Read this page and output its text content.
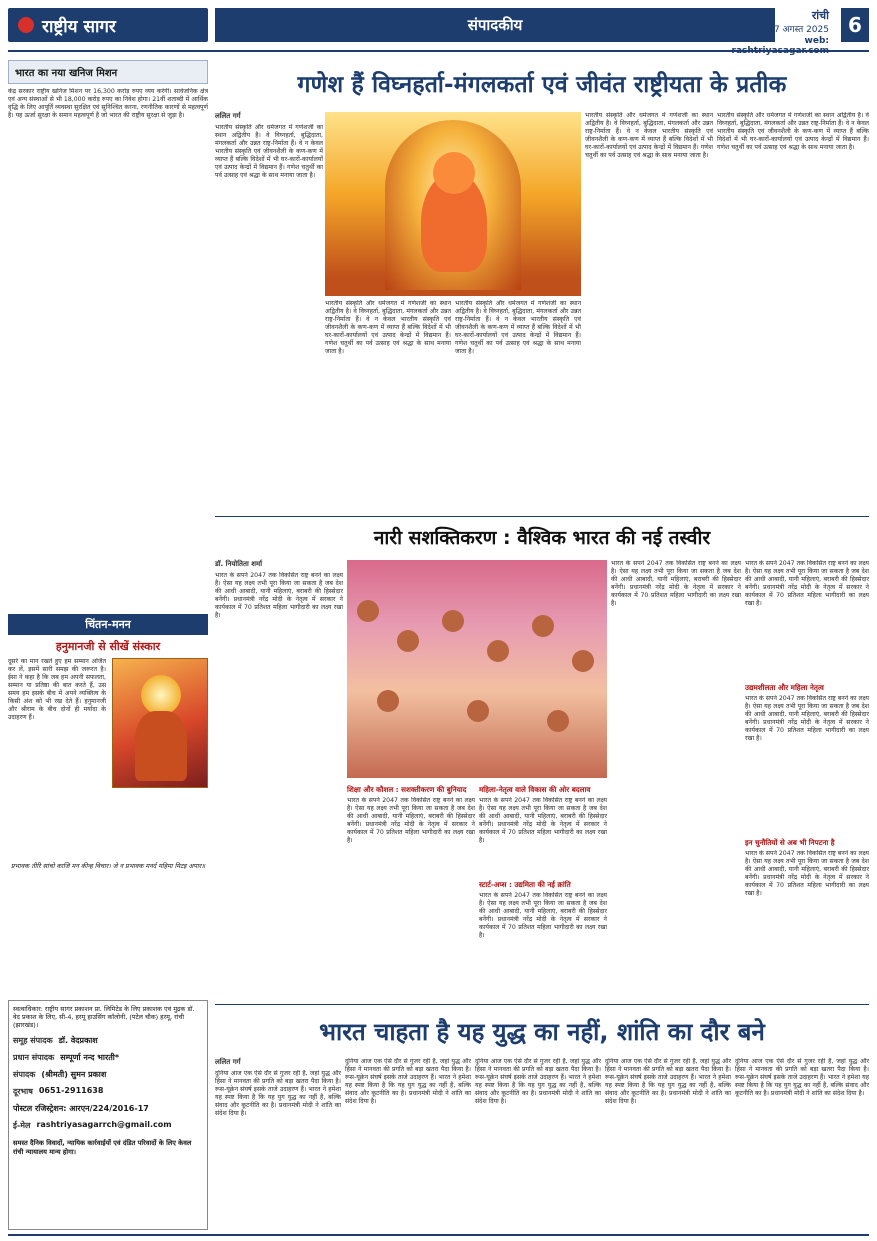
राष्ट्रीय सागर	संपादकीय
रांची
बुधवार, 27 अगस्त 2025
web:
6
भारत का नया खनिज मिशन
केंद्र सरकार राष्ट्रीय खनिज मिशन पर 16,300 करोड़ रुपए व्यय करेगी। सार्वजनिक क्षेत्र एवं अन्य संस्थाओं से भी 18,000 करोड़ रुपए का निवेश होगा। 21वीं शताब्दी में आर्थिक वृद्धि के लिए आपूर्ति व्यवस्था सुरक्षित एवं सुनिश्चित करना, रणनीतिक कारणों से महत्वपूर्ण है। यह ऊर्जा सुरक्षा के समान महत्वपूर्ण है जो भारत की राष्ट्रीय सुरक्षा से जुड़ा है।
चिंतन-मनन
हनुमानजी से सीखें संस्कार
दूसरे का मान रखते हुए हम सम्मान अर्जित कर लें, इसमें सारी समझ की जरूरत है। ईसा ने कहा है कि जब हम अपनी सफलता, सम्मान या प्रतिष्ठा की बात करते हैं, उस समय हम इसके बीच में अपने व्यक्तित्व के किसी अंश को भी रख देते हैं। हनुमानजी और श्रीराम के बीच दोनों ही मर्यादा के उदाहरण हैं।
प्रभावक तीरि सांचो काजि मन कीन्ह विचार। जे न प्रभावक मनर्द महिमा मिटइ अपार॥
स्वत्वाधिकार: राष्ट्रीय सागर प्रकाशन प्रा. लिमिटेड के लिए प्रकाशक एवं मुद्रक डॉ. वेद प्रकाश के लिए, सी-4, हरमू हाउसिंग कॉलोनी, (पटेल चौक) हरमू, रांची (झारखंड)।
समूह संपादक डॉ. वेदप्रकाश
प्रधान संपादक सम्पूर्णा नन्द भारती*
संपादक (श्रीमती) सुमन प्रकाश
दूरभाष 0651-2911638
पोस्टल रजिस्ट्रेशन: आरएन/224/2016-17
ई-मेल rashtriyasagarrch@gmail.com
समस्त दैनिक विवादों, न्यायिक कार्रवाईयों एवं दंडित परिवादों के लिए केवल रांची न्यायालय मान्य होगा।
गणेश हैं विघ्नहर्ता-मंगलकर्ता एवं जीवंत राष्ट्रीयता के प्रतीक
ललित गर्ग
भारतीय संस्कृति और धर्मजगत में गणेशजी का स्थान अद्वितीय है। वे विघ्नहर्ता, बुद्धिदाता, मंगलकर्ता और उन्नत राष्ट्र-निर्माता हैं। वे न केवल भारतीय संस्कृति एवं जीवनशैली के कण-कण में व्याप्त हैं बल्कि विदेशों में भी घर-कारों-कार्यालयों एवं उत्पाद केन्द्रों में विद्यमान हैं। गणेश चतुर्थी का पर्व उत्साह एवं श्रद्धा के साथ मनाया जाता है।
भारतीय संस्कृति और धर्मजगत में गणेशजी का स्थान अद्वितीय है। वे विघ्नहर्ता, बुद्धिदाता, मंगलकर्ता और उन्नत राष्ट्र-निर्माता हैं। वे न केवल भारतीय संस्कृति एवं जीवनशैली के कण-कण में व्याप्त हैं बल्कि विदेशों में भी घर-कारों-कार्यालयों एवं उत्पाद केन्द्रों में विद्यमान हैं। गणेश चतुर्थी का पर्व उत्साह एवं श्रद्धा के साथ मनाया जाता है।
भारतीय संस्कृति और धर्मजगत में गणेशजी का स्थान अद्वितीय है। वे विघ्नहर्ता, बुद्धिदाता, मंगलकर्ता और उन्नत राष्ट्र-निर्माता हैं। वे न केवल भारतीय संस्कृति एवं जीवनशैली के कण-कण में व्याप्त हैं बल्कि विदेशों में भी घर-कारों-कार्यालयों एवं उत्पाद केन्द्रों में विद्यमान हैं। गणेश चतुर्थी का पर्व उत्साह एवं श्रद्धा के साथ मनाया जाता है।
भारतीय संस्कृति और धर्मजगत में गणेशजी का स्थान अद्वितीय है। वे विघ्नहर्ता, बुद्धिदाता, मंगलकर्ता और उन्नत राष्ट्र-निर्माता हैं। वे न केवल भारतीय संस्कृति एवं जीवनशैली के कण-कण में व्याप्त हैं बल्कि विदेशों में भी घर-कारों-कार्यालयों एवं उत्पाद केन्द्रों में विद्यमान हैं। गणेश चतुर्थी का पर्व उत्साह एवं श्रद्धा के साथ मनाया जाता है।
भारतीय संस्कृति और धर्मजगत में गणेशजी का स्थान अद्वितीय है। वे विघ्नहर्ता, बुद्धिदाता, मंगलकर्ता और उन्नत राष्ट्र-निर्माता हैं। वे न केवल भारतीय संस्कृति एवं जीवनशैली के कण-कण में व्याप्त हैं बल्कि विदेशों में भी घर-कारों-कार्यालयों एवं उत्पाद केन्द्रों में विद्यमान हैं। गणेश चतुर्थी का पर्व उत्साह एवं श्रद्धा के साथ मनाया जाता है।
नारी सशक्तिकरण : वैश्विक भारत की नई तस्वीर
डॉ. नियोतिता शर्मा
भारत के सपने 2047 तक विकसित राष्ट्र बनने का लक्ष्य है। ऐसा यह लक्ष्य तभी पूरा किया जा सकता है जब देश की आधी आबादी, यानी महिलाएं, बराबरी की हिस्सेदार बनेंगी। प्रधानमंत्री नरेंद्र मोदी के नेतृत्व में सरकार ने कार्यकाल में 70 प्रतिशत महिला भागीदारी का लक्ष्य रखा है।
शिक्षा और कौशल : सशक्तीकरण की बुनियाद
भारत के सपने 2047 तक विकसित राष्ट्र बनने का लक्ष्य है। ऐसा यह लक्ष्य तभी पूरा किया जा सकता है जब देश की आधी आबादी, यानी महिलाएं, बराबरी की हिस्सेदार बनेंगी। प्रधानमंत्री नरेंद्र मोदी के नेतृत्व में सरकार ने कार्यकाल में 70 प्रतिशत महिला भागीदारी का लक्ष्य रखा है।
महिला-नेतृत्व वाले विकास की ओर बदलाव
भारत के सपने 2047 तक विकसित राष्ट्र बनने का लक्ष्य है। ऐसा यह लक्ष्य तभी पूरा किया जा सकता है जब देश की आधी आबादी, यानी महिलाएं, बराबरी की हिस्सेदार बनेंगी। प्रधानमंत्री नरेंद्र मोदी के नेतृत्व में सरकार ने कार्यकाल में 70 प्रतिशत महिला भागीदारी का लक्ष्य रखा है।
स्टार्ट-अप्स : उद्यमिता की नई क्रांति
भारत के सपने 2047 तक विकसित राष्ट्र बनने का लक्ष्य है। ऐसा यह लक्ष्य तभी पूरा किया जा सकता है जब देश की आधी आबादी, यानी महिलाएं, बराबरी की हिस्सेदार बनेंगी। प्रधानमंत्री नरेंद्र मोदी के नेतृत्व में सरकार ने कार्यकाल में 70 प्रतिशत महिला भागीदारी का लक्ष्य रखा है।
भारत के सपने 2047 तक विकसित राष्ट्र बनने का लक्ष्य है। ऐसा यह लक्ष्य तभी पूरा किया जा सकता है जब देश की आधी आबादी, यानी महिलाएं, बराबरी की हिस्सेदार बनेंगी। प्रधानमंत्री नरेंद्र मोदी के नेतृत्व में सरकार ने कार्यकाल में 70 प्रतिशत महिला भागीदारी का लक्ष्य रखा है।
भारत के सपने 2047 तक विकसित राष्ट्र बनने का लक्ष्य है। ऐसा यह लक्ष्य तभी पूरा किया जा सकता है जब देश की आधी आबादी, यानी महिलाएं, बराबरी की हिस्सेदार बनेंगी। प्रधानमंत्री नरेंद्र मोदी के नेतृत्व में सरकार ने कार्यकाल में 70 प्रतिशत महिला भागीदारी का लक्ष्य रखा है।
उद्यमशीलता और महिला नेतृत्व
भारत के सपने 2047 तक विकसित राष्ट्र बनने का लक्ष्य है। ऐसा यह लक्ष्य तभी पूरा किया जा सकता है जब देश की आधी आबादी, यानी महिलाएं, बराबरी की हिस्सेदार बनेंगी। प्रधानमंत्री नरेंद्र मोदी के नेतृत्व में सरकार ने कार्यकाल में 70 प्रतिशत महिला भागीदारी का लक्ष्य रखा है।
इन चुनौतियों से अब भी निपटना है
भारत के सपने 2047 तक विकसित राष्ट्र बनने का लक्ष्य है। ऐसा यह लक्ष्य तभी पूरा किया जा सकता है जब देश की आधी आबादी, यानी महिलाएं, बराबरी की हिस्सेदार बनेंगी। प्रधानमंत्री नरेंद्र मोदी के नेतृत्व में सरकार ने कार्यकाल में 70 प्रतिशत महिला भागीदारी का लक्ष्य रखा है।
भारत चाहता है यह युद्ध का नहीं, शांति का दौर बने
ललित गर्ग
दुनिया आज एक ऐसे दौर से गुजर रही है, जहां युद्ध और हिंसा ने मानवता की प्रगति को बड़ा खतरा पैदा किया है। रूस-यूक्रेन संघर्ष इसके ताजे उदाहरण हैं। भारत ने हमेशा यह स्पष्ट किया है कि यह युग युद्ध का नहीं है, बल्कि संवाद और कूटनीति का है। प्रधानमंत्री मोदी ने शांति का संदेश दिया है।
दुनिया आज एक ऐसे दौर से गुजर रही है, जहां युद्ध और हिंसा ने मानवता की प्रगति को बड़ा खतरा पैदा किया है। रूस-यूक्रेन संघर्ष इसके ताजे उदाहरण हैं। भारत ने हमेशा यह स्पष्ट किया है कि यह युग युद्ध का नहीं है, बल्कि संवाद और कूटनीति का है। प्रधानमंत्री मोदी ने शांति का संदेश दिया है।
दुनिया आज एक ऐसे दौर से गुजर रही है, जहां युद्ध और हिंसा ने मानवता की प्रगति को बड़ा खतरा पैदा किया है। रूस-यूक्रेन संघर्ष इसके ताजे उदाहरण हैं। भारत ने हमेशा यह स्पष्ट किया है कि यह युग युद्ध का नहीं है, बल्कि संवाद और कूटनीति का है। प्रधानमंत्री मोदी ने शांति का संदेश दिया है।
दुनिया आज एक ऐसे दौर से गुजर रही है, जहां युद्ध और हिंसा ने मानवता की प्रगति को बड़ा खतरा पैदा किया है। रूस-यूक्रेन संघर्ष इसके ताजे उदाहरण हैं। भारत ने हमेशा यह स्पष्ट किया है कि यह युग युद्ध का नहीं है, बल्कि संवाद और कूटनीति का है। प्रधानमंत्री मोदी ने शांति का संदेश दिया है।
दुनिया आज एक ऐसे दौर से गुजर रही है, जहां युद्ध और हिंसा ने मानवता की प्रगति को बड़ा खतरा पैदा किया है। रूस-यूक्रेन संघर्ष इसके ताजे उदाहरण हैं। भारत ने हमेशा यह स्पष्ट किया है कि यह युग युद्ध का नहीं है, बल्कि संवाद और कूटनीति का है। प्रधानमंत्री मोदी ने शांति का संदेश दिया है।
